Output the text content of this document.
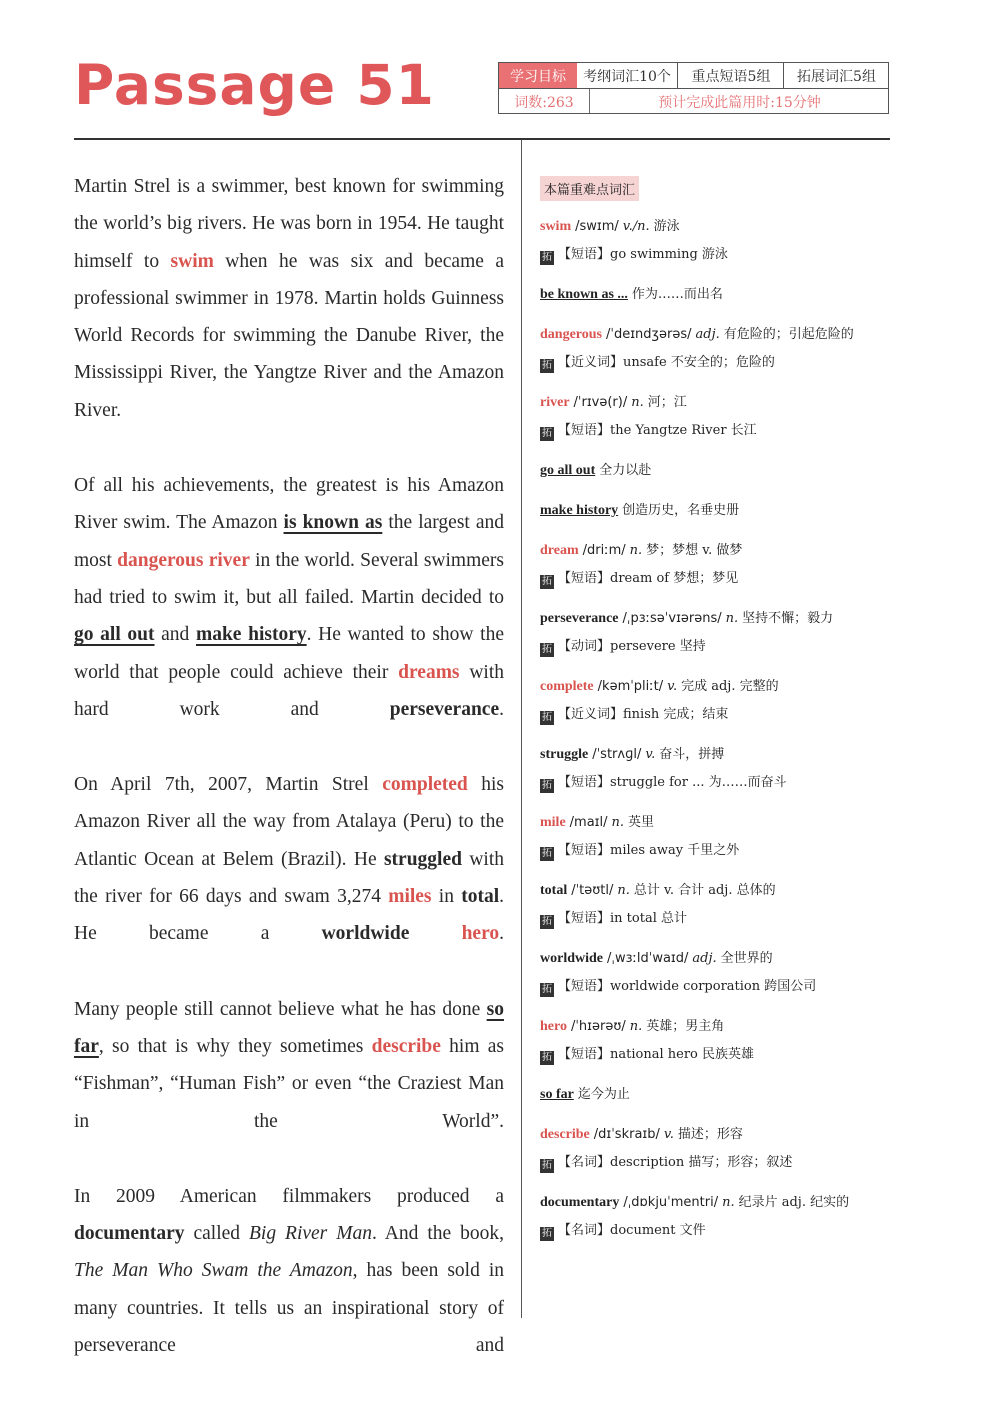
Passage 51	学习目标	考纲词汇10个	重点短语5组	拓展词汇5组
词数:263	预计完成此篇用时:15分钟

Martin Strel is a swimmer, best known for swimming the world’s big rivers. He was born in 1954. He taught himself to swim when he was six and became a professional swimmer in 1978. Martin holds Guinness World Records for swimming the Danube River, the Mississippi River, the Yangtze River and the Amazon River.

Of all his achievements, the greatest is his Amazon River swim. The Amazon is known as the largest and most dangerous river in the world. Several swimmers had tried to swim it, but all failed. Martin decided to go all out and make history. He wanted to show the world that people could achieve their dreams with hard work and perseverance.

On April 7th, 2007, Martin Strel completed his Amazon River all the way from Atalaya (Peru) to the Atlantic Ocean at Belem (Brazil). He struggled with the river for 66 days and swam 3,274 miles in total. He became a worldwide	hero.

Many people still cannot believe what he has done so far, so that is why they sometimes describe him as “Fishman”, “Human Fish” or even “the Craziest Man in the World”.

In 2009 American filmmakers produced a documentary called Big River Man. And the book, The Man Who Swam the Amazon, has been sold in many countries. It tells us an inspirational story of perseverance and

本篇重难点词汇
swim /swɪm/ v./n. 游泳
拓 【短语】go swimming 游泳
be known as ... 作为……而出名
dangerous /ˈdeɪndʒərəs/ adj. 有危险的；引起危险的
拓 【近义词】unsafe 不安全的；危险的
river /ˈrɪvə(r)/ n. 河；江
拓 【短语】the Yangtze River 长江
go all out 全力以赴
make history 创造历史，名垂史册
dream /driːm/ n. 梦；梦想 v. 做梦
拓 【短语】dream of 梦想；梦见
perseverance /ˌpɜːsəˈvɪərəns/ n. 坚持不懈；毅力
拓 【动词】persevere 坚持
complete /kəmˈpliːt/ v. 完成 adj. 完整的
拓 【近义词】finish 完成；结束
struggle /ˈstrʌɡl/ v. 奋斗，拼搏
拓 【短语】struggle for ... 为……而奋斗
mile /maɪl/ n. 英里
拓 【短语】miles away 千里之外
total /ˈtəʊtl/ n. 总计 v. 合计 adj. 总体的
拓 【短语】in total 总计
worldwide /ˌwɜːldˈwaɪd/ adj. 全世界的
拓 【短语】worldwide corporation 跨国公司
hero /ˈhɪərəʊ/ n. 英雄；男主角
拓 【短语】national hero 民族英雄
so far 迄今为止
describe /dɪˈskraɪb/ v. 描述；形容
拓 【名词】description 描写；形容；叙述
documentary /ˌdɒkjuˈmentri/ n. 纪录片 adj. 纪实的
拓 【名词】document 文件
